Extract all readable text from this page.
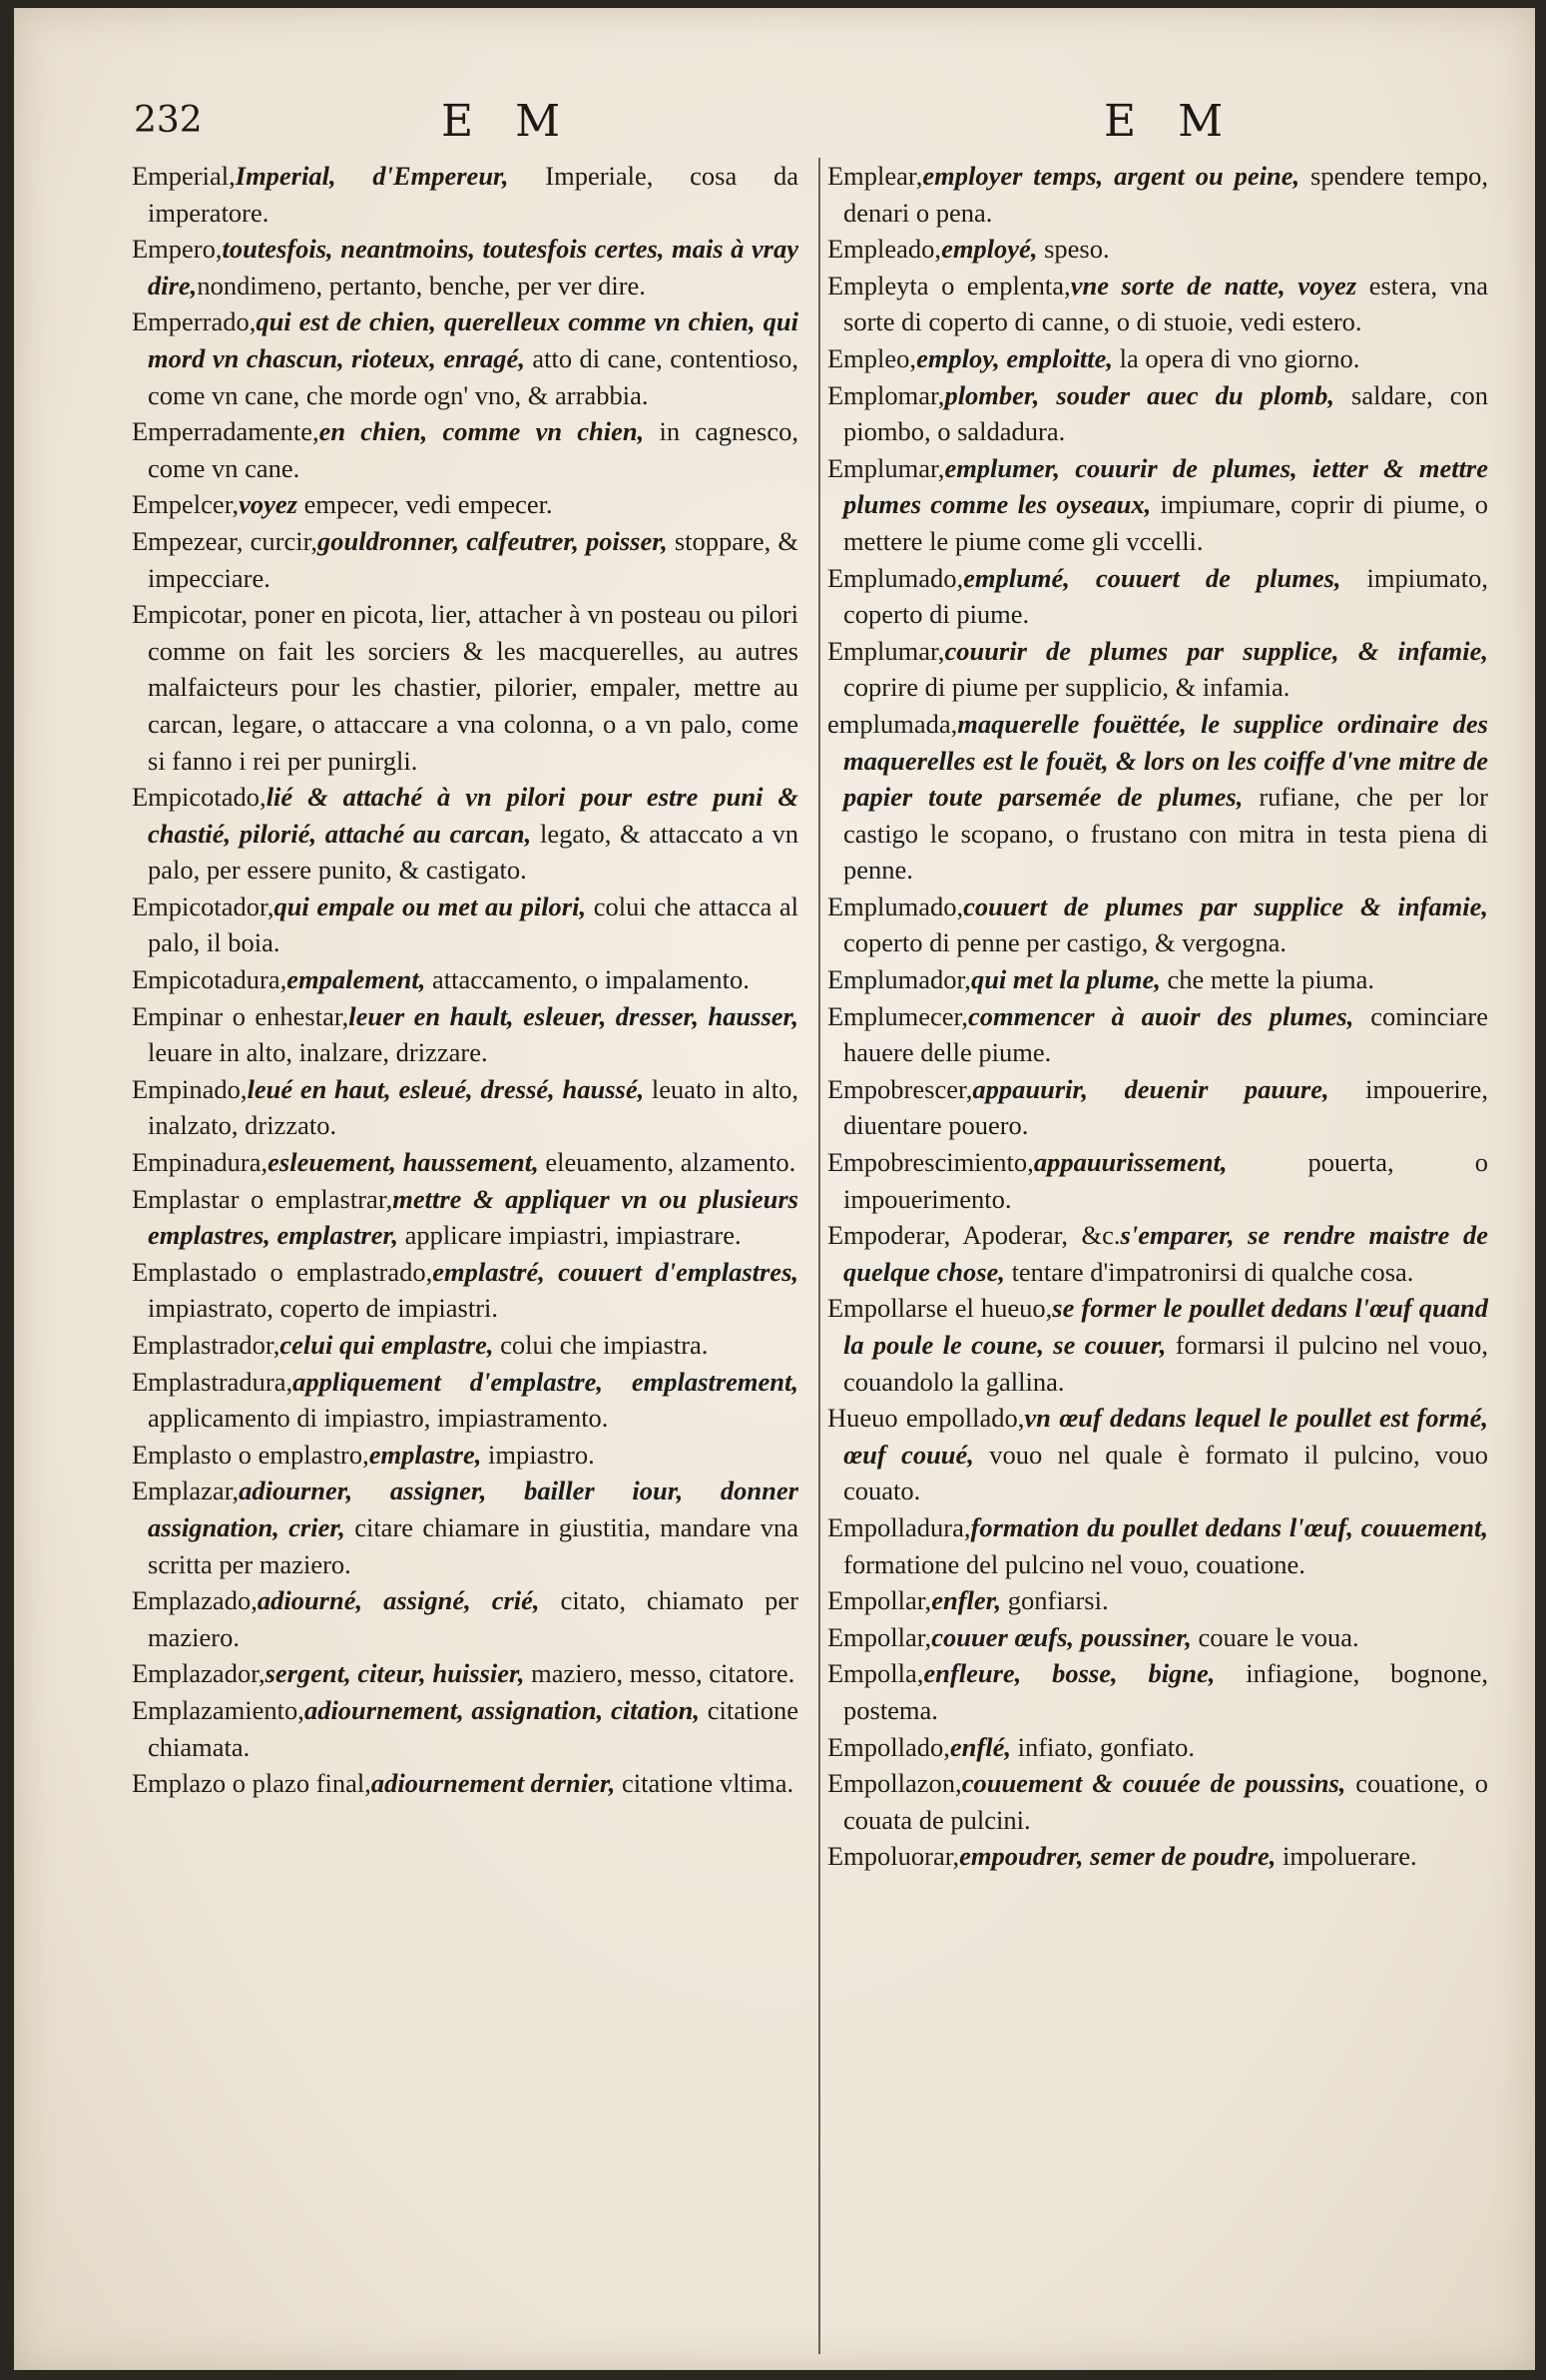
232	E M	E M

Emperial,Imperial, d'Empereur, Imperiale, cosa da imperatore.

Empero,toutesfois, neantmoins, toutesfois certes, mais à vray dire,nondimeno, pertanto, benche, per ver dire.

Emperrado,qui est de chien, querelleux comme vn chien, qui mord vn chascun, rioteux, enragé, atto di cane, contentioso, come vn cane, che morde ogn' vno, & arrabbia.

Emperradamente,en chien, comme vn chien, in cagnesco, come vn cane.

Empelcer,voyez empecer, vedi empecer.

Empezear, curcir,gouldronner, calfeutrer, poisser, stoppare, & impecciare.

Empicotar, poner en picota, lier, attacher à vn posteau ou pilori comme on fait les sorciers & les macquerelles, au autres malfaicteurs pour les chastier, pilorier, empaler, mettre au carcan, legare, o attaccare a vna colonna, o a vn palo, come si fanno i rei per punirgli.

Empicotado,lié & attaché à vn pilori pour estre puni & chastié, pilorié, attaché au carcan, legato, & attaccato a vn palo, per essere punito, & castigato.

Empicotador,qui empale ou met au pilori, colui che attacca al palo, il boia.

Empicotadura,empalement, attaccamento, o impalamento.

Empinar o enhestar,leuer en hault, esleuer, dresser, hausser, leuare in alto, inalzare, drizzare.

Empinado,leué en haut, esleué, dressé, haussé, leuato in alto, inalzato, drizzato.

Empinadura,esleuement, haussement, eleuamento, alzamento.

Emplastar o emplastrar,mettre & appliquer vn ou plusieurs emplastres, emplastrer, applicare impiastri, impiastrare.

Emplastado o emplastrado,emplastré, couuert d'emplastres, impiastrato, coperto de impiastri.

Emplastrador,celui qui emplastre, colui che impiastra.

Emplastradura,appliquement d'emplastre, emplastrement, applicamento di impiastro, impiastramento.

Emplasto o emplastro,emplastre, impiastro.

Emplazar,adiourner, assigner, bailler iour, donner assignation, crier, citare chiamare in giustitia, mandare vna scritta per maziero.

Emplazado,adiourné, assigné, crié, citato, chiamato per maziero.

Emplazador,sergent, citeur, huissier, maziero, messo, citatore.

Emplazamiento,adiournement, assignation, citation, citatione chiamata.

Emplazo o plazo final,adiournement dernier, citatione vltima.

Emplear,employer temps, argent ou peine, spendere tempo, denari o pena.

Empleado,employé, speso.

Empleyta o emplenta,vne sorte de natte, voyez estera, vna sorte di coperto di canne, o di stuoie, vedi estero.

Empleo,employ, emploitte, la opera di vno giorno.

Emplomar,plomber, souder auec du plomb, saldare, con piombo, o saldadura.

Emplumar,emplumer, couurir de plumes, ietter & mettre plumes comme les oyseaux, impiumare, coprir di piume, o mettere le piume come gli vccelli.

Emplumado,emplumé, couuert de plumes, impiumato, coperto di piume.

Emplumar,couurir de plumes par supplice, & infamie, coprire di piume per supplicio, & infamia.

emplumada,maquerelle fouëttée, le supplice ordinaire des maquerelles est le fouët, & lors on les coiffe d'vne mitre de papier toute parsemée de plumes, rufiane, che per lor castigo le scopano, o frustano con mitra in testa piena di penne.

Emplumado,couuert de plumes par supplice & infamie, coperto di penne per castigo, & vergogna.

Emplumador,qui met la plume, che mette la piuma.

Emplumecer,commencer à auoir des plumes, cominciare hauere delle piume.

Empobrescer,appauurir, deuenir pauure, impouerire, diuentare pouero.

Empobrescimiento,appauurissement, pouerta, o impouerimento.

Empoderar, Apoderar, &c.s'emparer, se rendre maistre de quelque chose, tentare d'impatronirsi di qualche cosa.

Empollarse el hueuo,se former le poullet dedans l'œuf quand la poule le coune, se couuer, formarsi il pulcino nel vouo, couandolo la gallina.

Hueuo empollado,vn œuf dedans lequel le poullet est formé, œuf couué, vouo nel quale è formato il pulcino, vouo couato.

Empolladura,formation du poullet dedans l'œuf, couuement, formatione del pulcino nel vouo, couatione.

Empollar,enfler, gonfiarsi.

Empollar,couuer œufs, poussiner, couare le voua.

Empolla,enfleure, bosse, bigne, infiagione, bognone, postema.

Empollado,enflé, infiato, gonfiato.

Empollazon,couuement & couuée de poussins, couatione, o couata de pulcini.

Empoluorar,empoudrer, semer de poudre, impoluerare.
